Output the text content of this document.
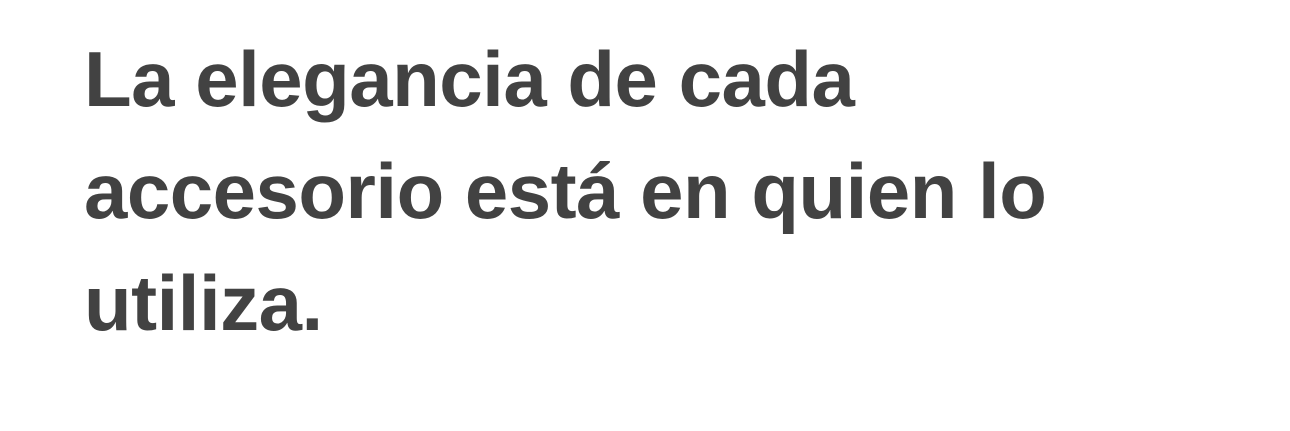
La elegancia de cada
accesorio está en quien lo
utiliza.
